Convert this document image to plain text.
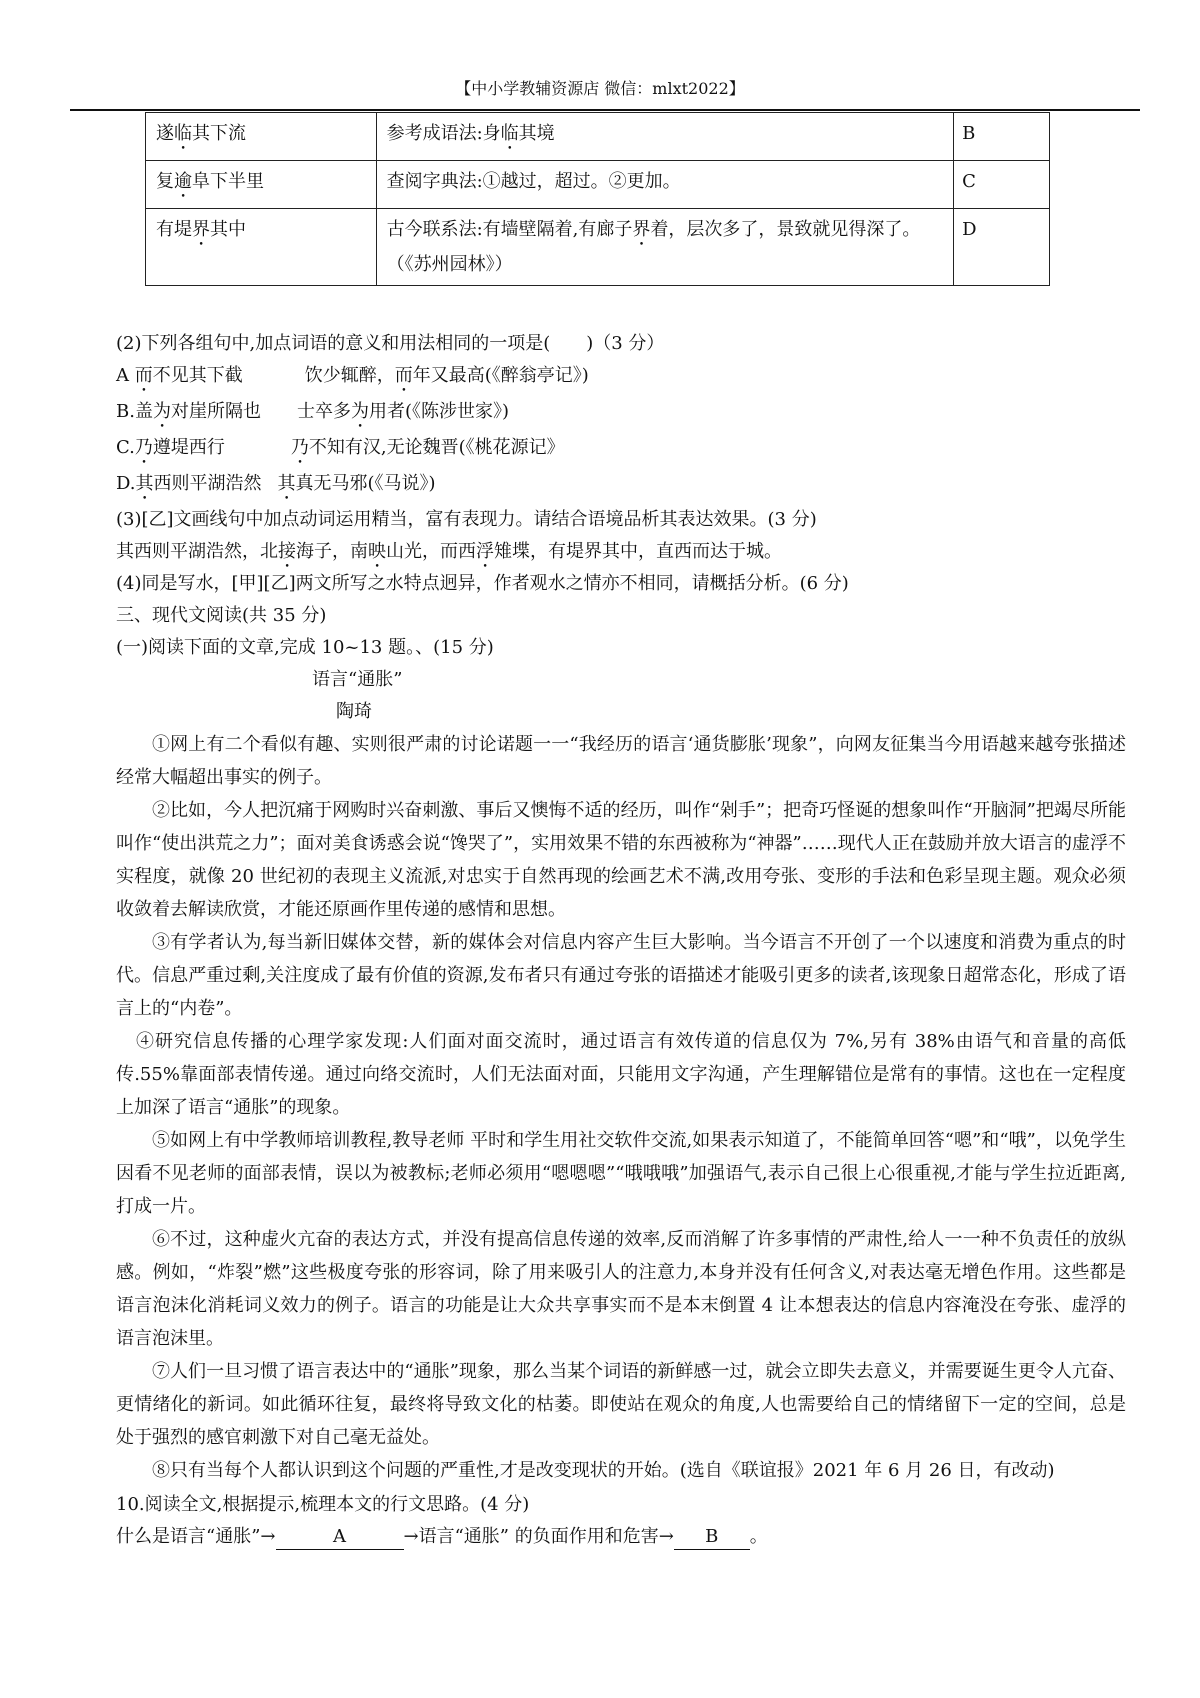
【中小学教辅资源店 微信：mlxt2022】
遂临其下流	参考成语法:身临其境	B
复逾阜下半里	查阅字典法:①越过，超过。②更加。	C
有堤界其中	古今联系法:有墙壁隔着,有廊子界着，层次多了，景致就见得深了。（《苏州园林》）	D
(2)下列各组句中,加点词语的意义和用法相同的一项是(　　)（3 分）
A 而不见其下截	饮少辄醉，而年又最高(《醉翁亭记》)
B.盖为对崖所隔也 士卒多为用者(《陈涉世家》)
C.乃遵堤西行	乃不知有汉,无论魏晋(《桃花源记》
D.其西则平湖浩然 其真无马邪(《马说》)
(3)[乙]文画线句中加点动词运用精当，富有表现力。请结合语境品析其表达效果。(3 分)
其西则平湖浩然，北接海子，南映山光，而西浮雉堞，有堤界其中，直西而达于城。
(4)同是写水，[甲][乙]两文所写之水特点迥异，作者观水之情亦不相同，请概括分析。(6 分)
三、现代文阅读(共 35 分)
(一)阅读下面的文章,完成 10~13 题。、(15 分)
语言“通胀”
陶琦

①网上有二个看似有趣、实则很严肃的讨论诺题一一“我经历的语言‘通货膨胀’现象”，向网友征集当今用语越来越夸张描述经常大幅超出事实的例子。

②比如，今人把沉痛于网购时兴奋刺激、事后又懊悔不适的经历，叫作“剁手”；把奇巧怪诞的想象叫作“开脑洞”把竭尽所能叫作“使出洪荒之力”；面对美食诱惑会说“馋哭了”，实用效果不错的东西被称为“神器”……现代人正在鼓励并放大语言的虚浮不实程度，就像 20 世纪初的表现主义流派,对忠实于自然再现的绘画艺术不满,改用夸张、变形的手法和色彩呈现主题。观众必须收敛着去解读欣赏，才能还原画作里传递的感情和思想。

③有学者认为,每当新旧媒体交替，新的媒体会对信息内容产生巨大影响。当今语言不开创了一个以速度和消费为重点的时代。信息严重过剩,关注度成了最有价值的资源,发布者只有通过夸张的语描述才能吸引更多的读者,该现象日超常态化，形成了语言上的“内卷”。

④研究信息传播的心理学家发现:人们面对面交流时，通过语言有效传道的信息仅为 7%,另有 38%由语气和音量的高低传.55%靠面部表情传递。通过向络交流时，人们无法面对面，只能用文字沟通，产生理解错位是常有的事情。这也在一定程度上加深了语言“通胀”的现象。

⑤如网上有中学教师培训教程,教导老师 平时和学生用社交软件交流,如果表示知道了，不能简单回答“嗯”和“哦”，以免学生因看不见老师的面部表情，误以为被教标;老师必须用“嗯嗯嗯”“哦哦哦”加强语气,表示自己很上心很重视,才能与学生拉近距离,打成一片。

⑥不过，这种虚火亢奋的表达方式，并没有提高信息传递的效率,反而消解了许多事情的严肃性,给人一一种不负责任的放纵感。例如，“炸裂”燃”这些极度夸张的形容词，除了用来吸引人的注意力,本身并没有任何含义,对表达毫无增色作用。这些都是语言泡沫化消耗词义效力的例子。语言的功能是让大众共享事实而不是本末倒置 4 让本想表达的信息内容淹没在夸张、虚浮的语言泡沫里。

⑦人们一旦习惯了语言表达中的“通胀”现象，那么当某个词语的新鲜感一过，就会立即失去意义，并需要诞生更令人亢奋、更情绪化的新词。如此循环往复，最终将导致文化的枯萎。即使站在观众的角度,人也需要给自己的情绪留下一定的空间，总是处于强烈的感官刺激下对自己毫无益处。

⑧只有当每个人都认识到这个问题的严重性,才是改变现状的开始。(选自《联谊报》2021 年 6 月 26 日，有改动)

10.阅读全文,根据提示,梳理本文的行文思路。(4 分)
什么是语言“通胀”→	A	→语言“通胀” 的负面作用和危害→ B 。
